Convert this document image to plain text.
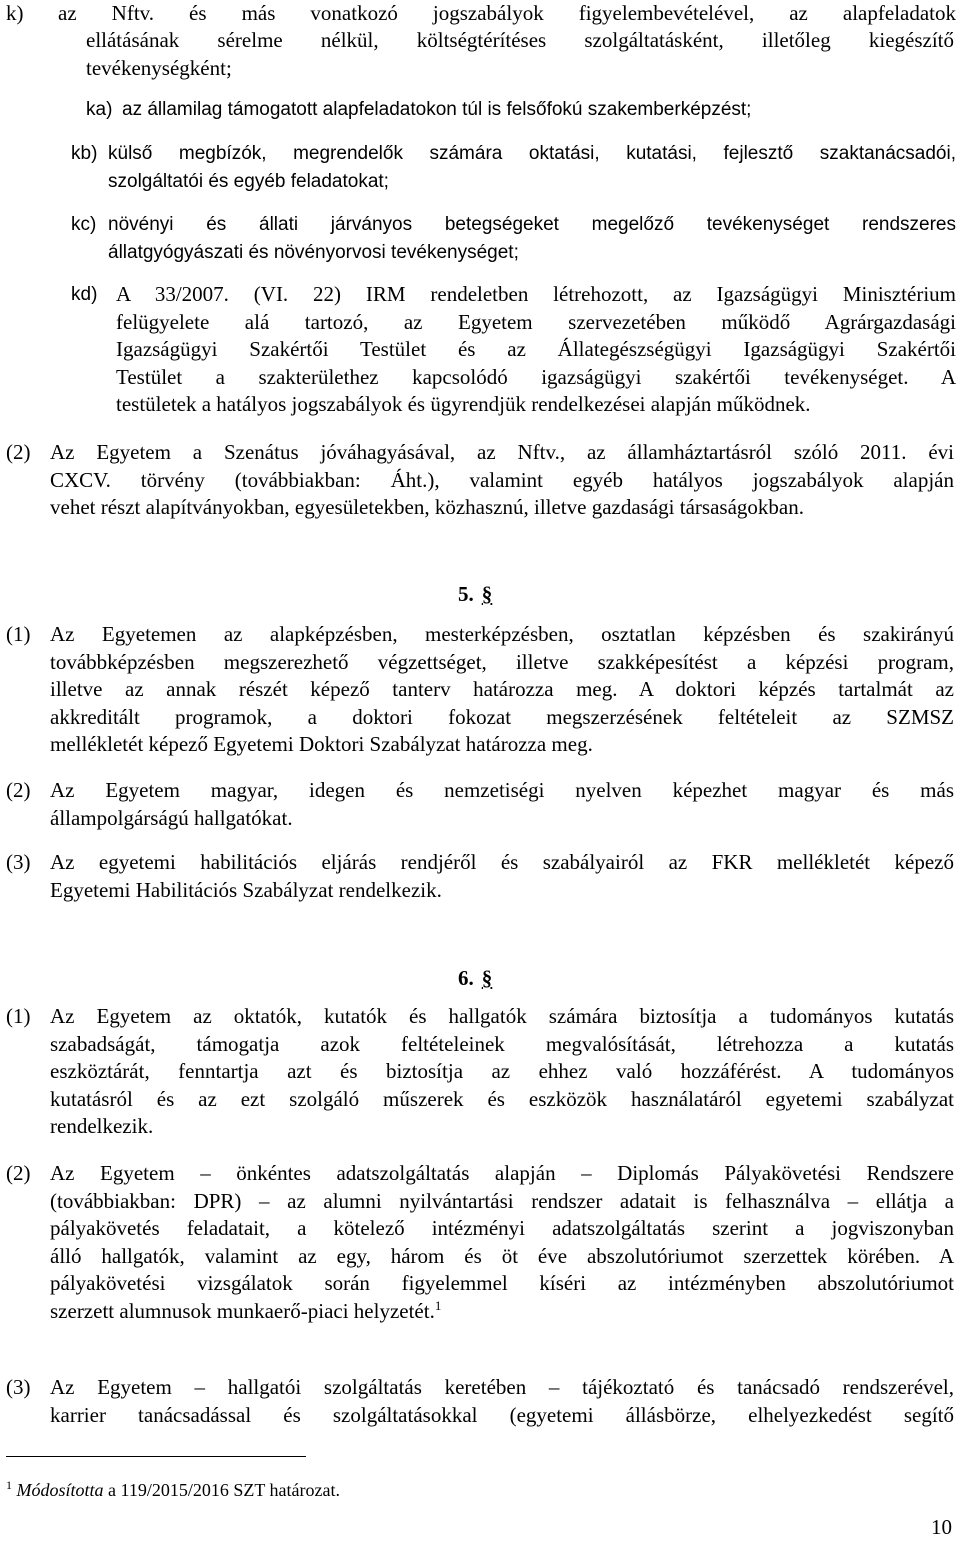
k) az Nftv. és más vonatkozó jogszabályok figyelembevételével, az alapfeladatok
ellátásának sérelme nélkül, költségtérítéses szolgáltatásként, illetőleg kiegészítő
tevékenységként;
ka) az államilag támogatott alapfeladatokon túl is felsőfokú szakemberképzést;
kb) külső megbízók, megrendelők számára oktatási, kutatási, fejlesztő szaktanácsadói,
szolgáltatói és egyéb feladatokat;
kc) növényi és állati járványos betegségeket megelőző tevékenységet rendszeres
állatgyógyászati és növényorvosi tevékenységet;
kd) A 33/2007. (VI. 22) IRM rendeletben létrehozott, az Igazságügyi Minisztérium
felügyelete alá tartozó, az Egyetem szervezetében működő Agrárgazdasági
Igazságügyi Szakértői Testület és az Állategészségügyi Igazságügyi Szakértői
Testület a szakterülethez kapcsolódó igazságügyi szakértői tevékenységet. A
testületek a hatályos jogszabályok és ügyrendjük rendelkezései alapján működnek.
(2) Az Egyetem a Szenátus jóváhagyásával, az Nftv., az államháztartásról szóló 2011. évi
CXCV. törvény (továbbiakban: Áht.), valamint egyéb hatályos jogszabályok alapján
vehet részt alapítványokban, egyesületekben, közhasznú, illetve gazdasági társaságokban.
5. §
(1) Az Egyetemen az alapképzésben, mesterképzésben, osztatlan képzésben és szakirányú
továbbképzésben megszerezhető végzettséget, illetve szakképesítést a képzési program,
illetve az annak részét képező tanterv határozza meg. A doktori képzés tartalmát az
akkreditált programok, a doktori fokozat megszerzésének feltételeit az SZMSZ
mellékletét képező Egyetemi Doktori Szabályzat határozza meg.
(2) Az Egyetem magyar, idegen és nemzetiségi nyelven képezhet magyar és más
állampolgárságú hallgatókat.
(3) Az egyetemi habilitációs eljárás rendjéről és szabályairól az FKR mellékletét képező
Egyetemi Habilitációs Szabályzat rendelkezik.
6. §
(1) Az Egyetem az oktatók, kutatók és hallgatók számára biztosítja a tudományos kutatás
szabadságát, támogatja azok feltételeinek megvalósítását, létrehozza a kutatás
eszköztárát, fenntartja azt és biztosítja az ehhez való hozzáférést. A tudományos
kutatásról és az ezt szolgáló műszerek és eszközök használatáról egyetemi szabályzat
rendelkezik.
(2) Az Egyetem – önkéntes adatszolgáltatás alapján – Diplomás Pályakövetési Rendszere
(továbbiakban: DPR) – az alumni nyilvántartási rendszer adatait is felhasználva – ellátja a
pályakövetés feladatait, a kötelező intézményi adatszolgáltatás szerint a jogviszonyban
álló hallgatók, valamint az egy, három és öt éve abszolutóriumot szerzettek körében. A
pályakövetési vizsgálatok során figyelemmel kíséri az intézményben abszolutóriumot
szerzett alumnusok munkaerő-piaci helyzetét.$^1$
(3) Az Egyetem – hallgatói szolgáltatás keretében – tájékoztató és tanácsadó rendszerével,
karrier tanácsadással és szolgáltatásokkal (egyetemi állásbörze, elhelyezkedést segítő
$^1$ Módosította a 119/2015/2016 SZT határozat.
10
